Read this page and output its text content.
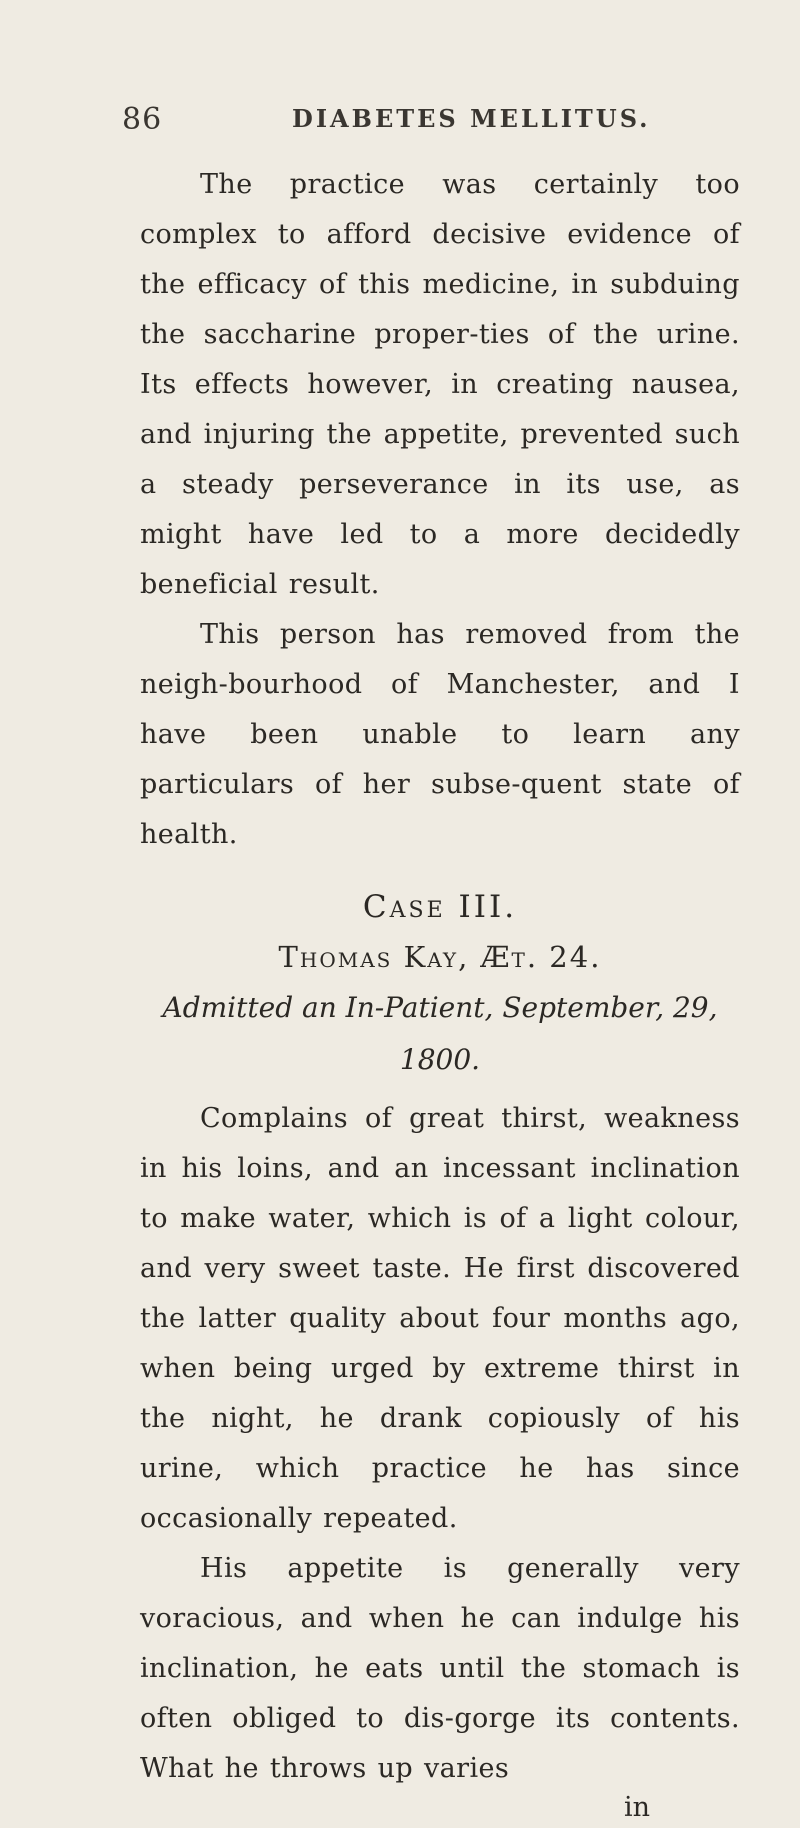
86	DIABETES MELLITUS.

The practice was certainly too complex to afford decisive evidence of the efficacy of this medicine, in subduing the saccharine proper-ties of the urine. Its effects however, in creating nausea, and injuring the appetite, prevented such a steady perseverance in its use, as might have led to a more decidedly beneficial result.

This person has removed from the neigh-bourhood of Manchester, and I have been unable to learn any particulars of her subse-quent state of health.

Case III.

Thomas Kay, Æt. 24.

Admitted an In-Patient, September, 29, 1800.

Complains of great thirst, weakness in his loins, and an incessant inclination to make water, which is of a light colour, and very sweet taste. He first discovered the latter quality about four months ago, when being urged by extreme thirst in the night, he drank copiously of his urine, which practice he has since occasionally repeated.

His appetite is generally very voracious, and when he can indulge his inclination, he eats until the stomach is often obliged to dis-gorge its contents. What he throws up varies

in
